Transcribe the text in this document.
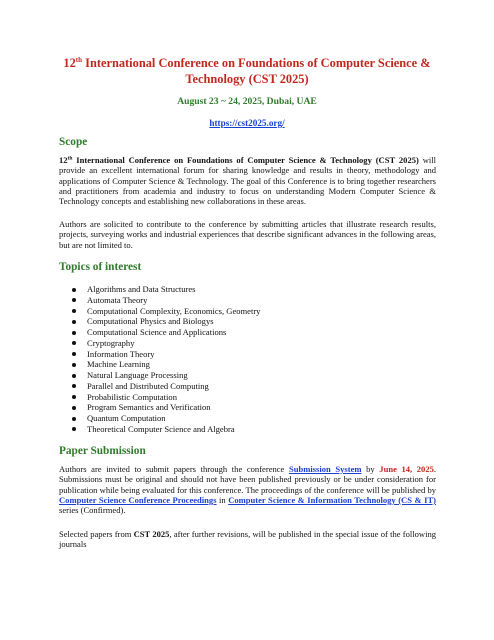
12th International Conference on Foundations of Computer Science & Technology (CST 2025)
August 23 ~ 24, 2025, Dubai, UAE
https://cst2025.org/
Scope

12th International Conference on Foundations of Computer Science & Technology (CST 2025) will provide an excellent international forum for sharing knowledge and results in theory, methodology and applications of Computer Science & Technology. The goal of this Conference is to bring together researchers and practitioners from academia and industry to focus on understanding Modern Computer Science & Technology concepts and establishing new collaborations in these areas.

Authors are solicited to contribute to the conference by submitting articles that illustrate research results, projects, surveying works and industrial experiences that describe significant advances in the following areas, but are not limited to.

Topics of interest
Algorithms and Data Structures
Automata Theory
Computational Complexity, Economics, Geometry
Computational Physics and Biologys
Computational Science and Applications
Cryptography
Information Theory
Machine Learning
Natural Language Processing
Parallel and Distributed Computing
Probabilistic Computation
Program Semantics and Verification
Quantum Computation
Theoretical Computer Science and Algebra
Paper Submission

Authors are invited to submit papers through the conference Submission System by June 14, 2025. Submissions must be original and should not have been published previously or be under consideration for publication while being evaluated for this conference. The proceedings of the conference will be published by Computer Science Conference Proceedings in Computer Science & Information Technology (CS & IT) series (Confirmed).

Selected papers from CST 2025, after further revisions, will be published in the special issue of the following journals
